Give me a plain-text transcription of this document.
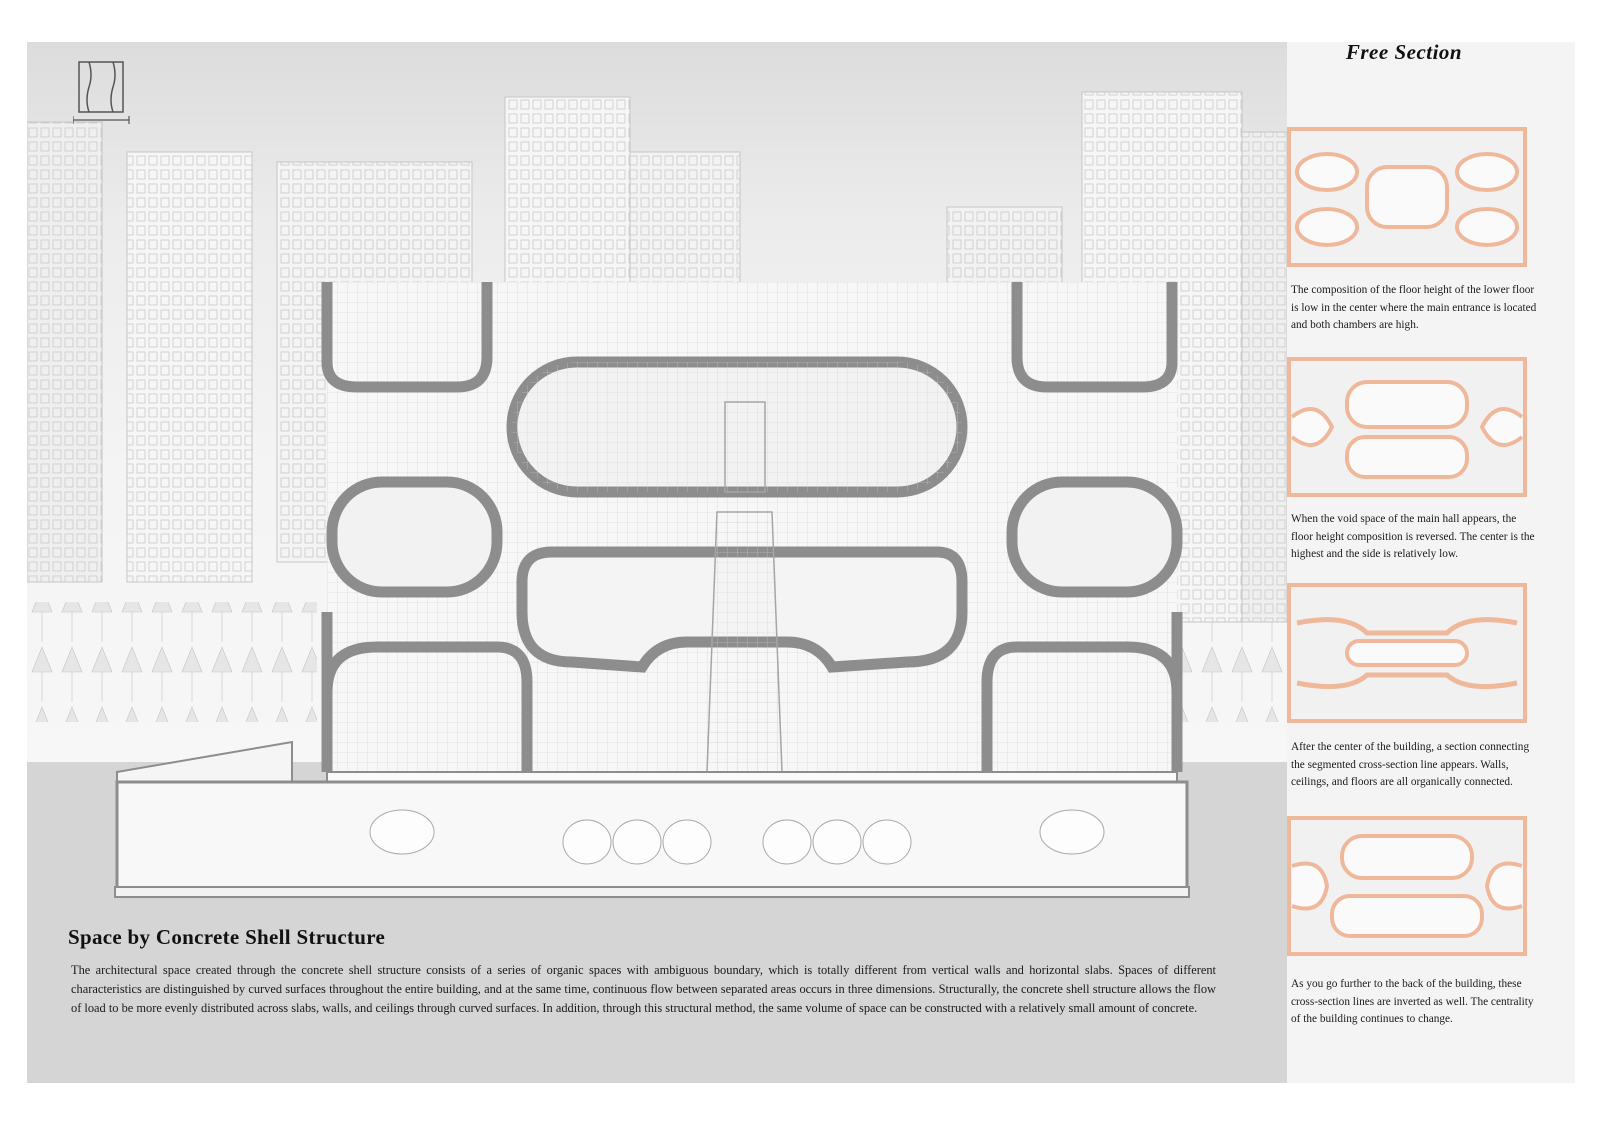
Free Section
The composition of the floor height of the lower floor is low in the center where the main entrance is located and both chambers are high.
When the void space of the main hall appears, the floor height composition is reversed. The center is the highest and the side is relatively low.
After the center of the building, a section connecting the segmented cross-section line appears. Walls, ceilings, and floors are all organically connected.
As you go further to the back of the building, these cross-section lines are inverted as well. The centrality of the building continues to change.
Space by Concrete Shell Structure
The architectural space created through the concrete shell structure consists of a series of organic spaces with ambiguous boundary, which is totally different from vertical walls and horizontal slabs. Spaces of different characteristics are distinguished by curved surfaces throughout the entire building, and at the same time, continuous flow between separated areas occurs in three dimensions. Structurally, the concrete shell structure allows the flow of load to be more evenly distributed across slabs, walls, and ceilings through curved surfaces. In addition, through this structural method, the same volume of space can be constructed with a relatively small amount of concrete.
